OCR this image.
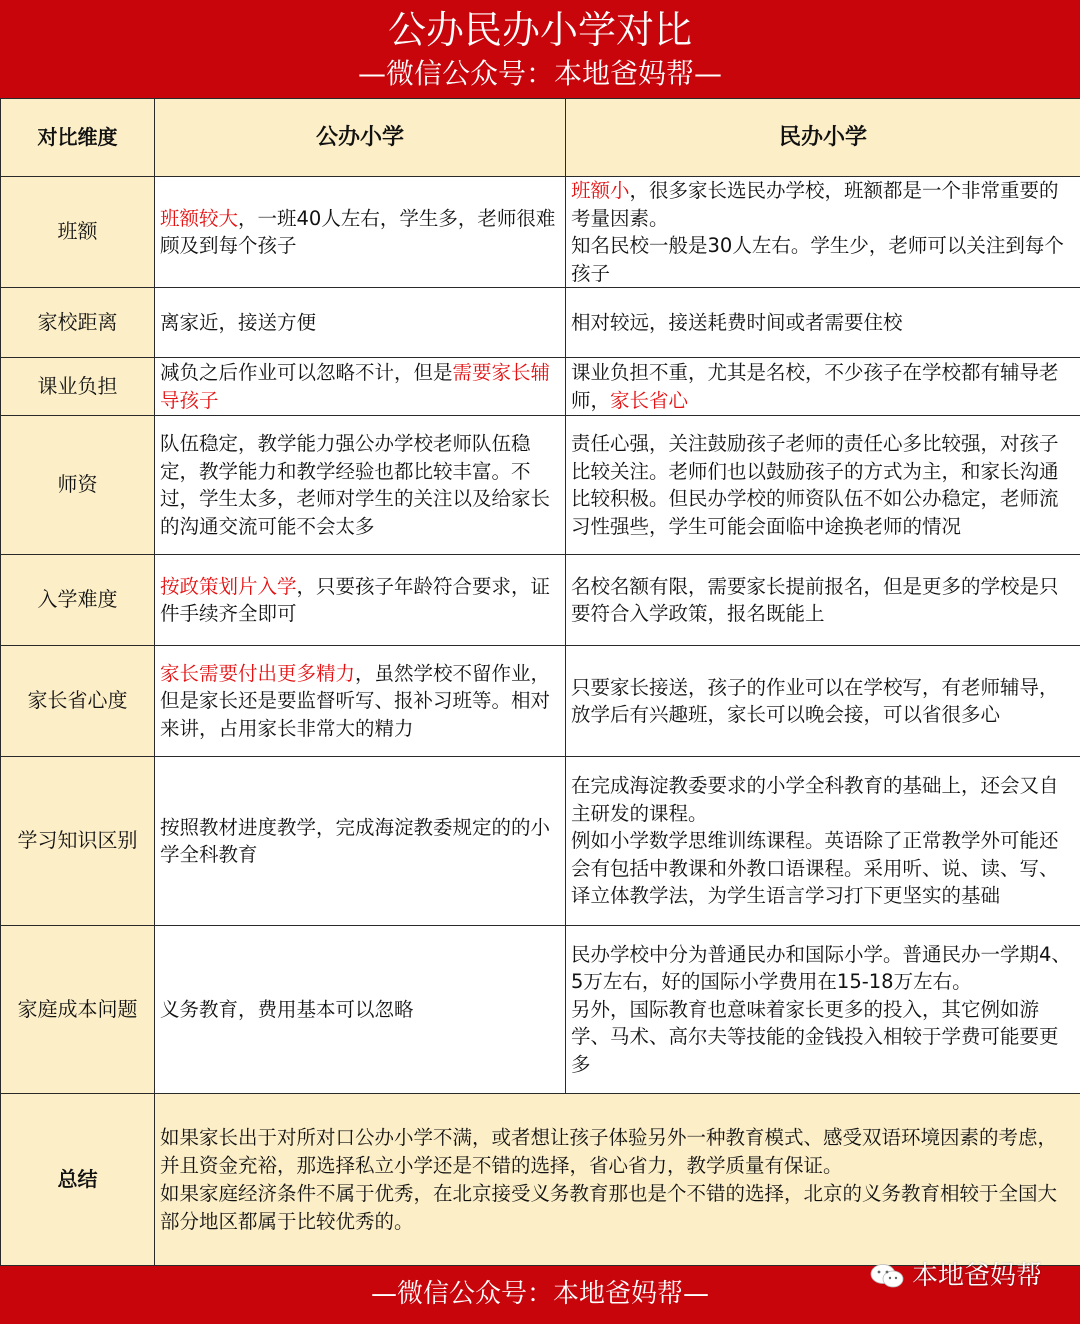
公办民办小学对比
—微信公众号：本地爸妈帮—
对比维度	公办小学	民办小学
班额	班额较大，一班40人左右，学生多，老师很难顾及到每个孩子	班额小，很多家长选民办学校，班额都是一个非常重要的考量因素。

知名民校一般是30人左右。学生少，老师可以关注到每个孩子

家校距离	离家近，接送方便	相对较远，接送耗费时间或者需要住校
课业负担	减负之后作业可以忽略不计，但是需要家长辅导孩子	课业负担不重，尤其是名校，不少孩子在学校都有辅导老师，家长省心
师资	队伍稳定，教学能力强公办学校老师队伍稳定，教学能力和教学经验也都比较丰富。不过，学生太多，老师对学生的关注以及给家长的沟通交流可能不会太多	责任心强，关注鼓励孩子老师的责任心多比较强，对孩子比较关注。老师们也以鼓励孩子的方式为主，和家长沟通比较积极。但民办学校的师资队伍不如公办稳定，老师流习性强些，学生可能会面临中途换老师的情况
入学难度	按政策划片入学，只要孩子年龄符合要求，证件手续齐全即可	名校名额有限，需要家长提前报名，但是更多的学校是只要符合入学政策，报名既能上
家长省心度	家长需要付出更多精力，虽然学校不留作业，但是家长还是要监督听写、报补习班等。相对来讲，占用家长非常大的精力	只要家长接送，孩子的作业可以在学校写，有老师辅导，放学后有兴趣班，家长可以晚会接，可以省很多心
学习知识区别	按照教材进度教学，完成海淀教委规定的的小学全科教育	在完成海淀教委要求的小学全科教育的基础上，还会又自主研发的课程。

例如小学数学思维训练课程。英语除了正常教学外可能还会有包括中教课和外教口语课程。采用听、说、读、写、译立体教学法，为学生语言学习打下更坚实的基础

家庭成本问题	义务教育，费用基本可以忽略	民办学校中分为普通民办和国际小学。普通民办一学期4、5万左右，好的国际小学费用在15-18万左右。

另外，国际教育也意味着家长更多的投入，其它例如游学、马术、高尔夫等技能的金钱投入相较于学费可能要更多

总结	如果家长出于对所对口公办小学不满，或者想让孩子体验另外一种教育模式、感受双语环境因素的考虑，并且资金充裕，那选择私立小学还是不错的选择，省心省力，教学质量有保证。

如果家庭经济条件不属于优秀，在北京接受义务教育那也是个不错的选择，北京的义务教育相较于全国大部分地区都属于比较优秀的。	

—微信公众号：本地爸妈帮—
本地爸妈帮
